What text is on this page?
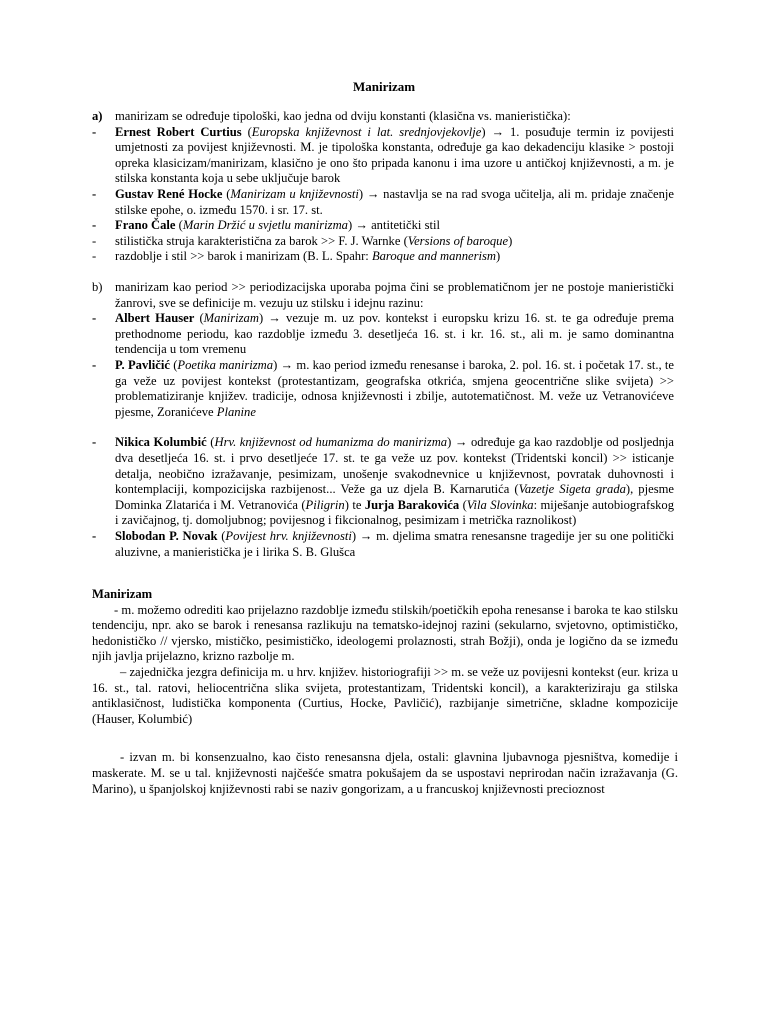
Manirizam
a) manirizam se određuje tipološki, kao jedna od dviju konstanti (klasična vs. manieristička):
- Ernest Robert Curtius (Europska književnost i lat. srednjovjekovlje) → 1. posuđuje termin iz povijesti umjetnosti za povijest književnosti. M. je tipološka konstanta, određuje ga kao dekadenciju klasike > postoji opreka klasicizam/manirizam, klasično je ono što pripada kanonu i ima uzore u antičkoj književnosti, a m. je stilska konstanta koja u sebe uključuje barok
- Gustav René Hocke (Manirizam u književnosti) → nastavlja se na rad svoga učitelja, ali m. pridaje značenje stilske epohe, o. između 1570. i sr. 17. st.
- Frano Čale (Marin Držić u svjetlu manirizma) → antitetički stil
- stilistička struja karakteristična za barok >> F. J. Warnke (Versions of baroque)
- razdoblje i stil >> barok i manirizam (B. L. Spahr: Baroque and mannerism)
b) manirizam kao period >> periodizacijska uporaba pojma čini se problematičnom jer ne postoje manieristički žanrovi, sve se definicije m. vezuju uz stilsku i idejnu razinu:
- Albert Hauser (Manirizam) → vezuje m. uz pov. kontekst i europsku krizu 16. st. te ga određuje prema prethodnome periodu, kao razdoblje između 3. desetljeća 16. st. i kr. 16. st., ali m. je samo dominantna tendencija u tom vremenu
- P. Pavličić (Poetika manirizma) → m. kao period između renesanse i baroka, 2. pol. 16. st. i početak 17. st., te ga veže uz povijest kontekst (protestantizam, geografska otkrića, smjena geocentrične slike svijeta) >> problematiziranje književ. tradicije, odnosa književnosti i zbilje, autotematičnost. M. veže uz Vetranovićeve pjesme, Zoranićeve Planine
- Nikica Kolumbić (Hrv. književnost od humanizma do manirizma) → određuje ga kao razdoblje od posljednja dva desetljeća 16. st. i prvo desetljeće 17. st. te ga veže uz pov. kontekst (Tridentski koncil) >> isticanje detalja, neobično izražavanje, pesimizam, unošenje svakodnevnice u književnost, povratak duhovnosti i kontemplaciji, kompozicijska razbijenost... Veže ga uz djela B. Karnarutića (Vazetje Sigeta grada), pjesme Dominka Zlatarića i M. Vetranovića (Piligrin) te Jurja Barakovića (Vila Slovinka: miješanje autobiografskog i zavičajnog, tj. domoljubnog; povijesnog i fikcionalnog, pesimizam i metrička raznolikost)
- Slobodan P. Novak (Povijest hrv. književnosti) → m. djelima smatra renesansne tragedije jer su one politički aluzivne, a manieristička je i lirika S. B. Glušca
Manirizam
- m. možemo odrediti kao prijelazno razdoblje između stilskih/poetičkih epoha renesanse i baroka te kao stilsku tendenciju, npr. ako se barok i renesansa razlikuju na tematsko-idejnoj razini (sekularno, svjetovno, optimističko, hedonističko // vjersko, mističko, pesimističko, ideologemi prolaznosti, strah Božji), onda je logično da se između njih javlja prijelazno, krizno razbolje m.
– zajednička jezgra definicija m. u hrv. književ. historiografiji >> m. se veže uz povijesni kontekst (eur. kriza u 16. st., tal. ratovi, heliocentrična slika svijeta, protestantizam, Tridentski koncil), a karakteriziraju ga stilska antiklasičnost, ludistička komponenta (Curtius, Hocke, Pavličić), razbijanje simetrične, skladne kompozicije (Hauser, Kolumbić)
- izvan m. bi konsenzualno, kao čisto renesansna djela, ostali: glavnina ljubavnoga pjesništva, komedije i maskerate. M. se u tal. književnosti najčešće smatra pokušajem da se uspostavi neprirodan način izražavanja (G. Marino), u španjolskoj književnosti rabi se naziv gongorizam, a u francuskoj književnosti precioznost
